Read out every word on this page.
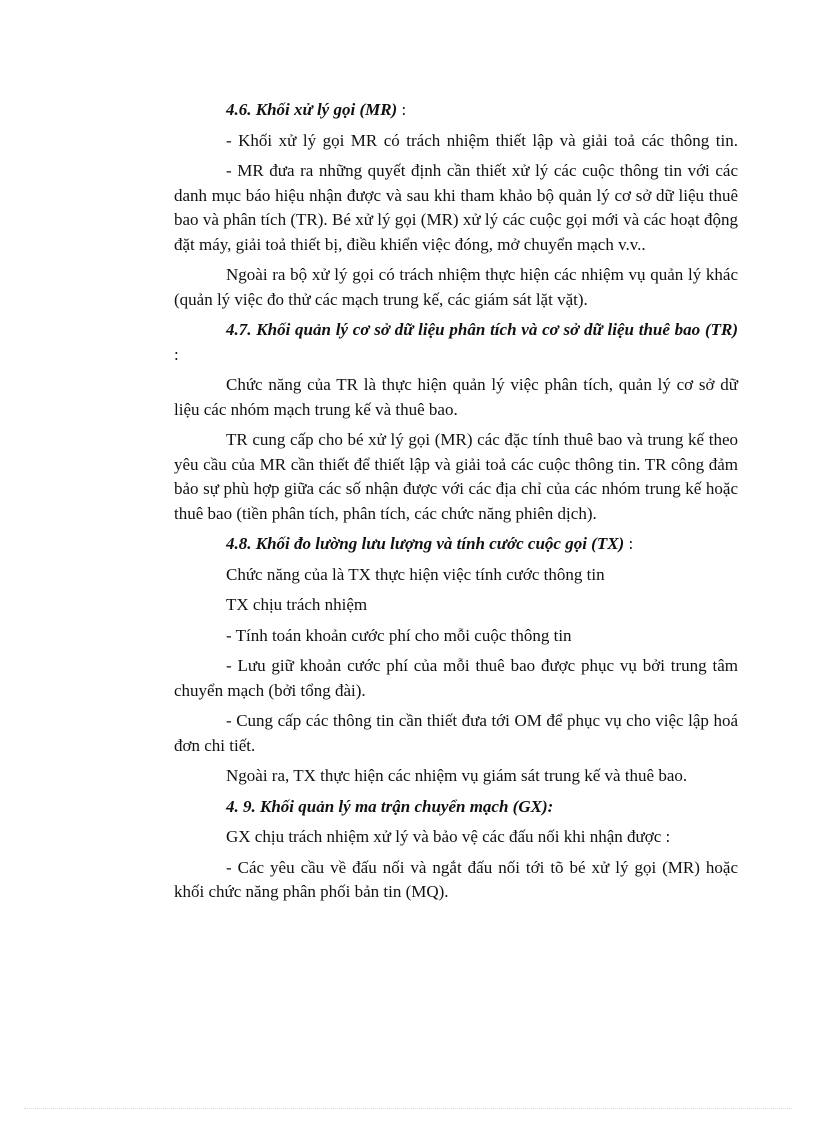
4.6. Khối xử lý gọi (MR) :
- Khối xử lý gọi MR có trách nhiệm thiết lập và giải toả các thông tin.
- MR đưa ra những quyết định cần thiết xử lý các cuộc thông tin với các danh mục báo hiệu nhận được và sau khi tham khảo bộ quản lý cơ sở dữ liệu thuê bao và phân tích (TR). Bé xử lý gọi (MR) xử lý các cuộc gọi mới và các hoạt động đặt máy, giải toả thiết bị, điều khiển việc đóng, mở chuyển mạch v.v..
Ngoài ra bộ xử lý gọi có trách nhiệm thực hiện các nhiệm vụ quản lý khác (quản lý việc đo thử các mạch trung kế, các giám sát lặt vặt).
4.7. Khối quản lý cơ sở dữ liệu phân tích và cơ sở dữ liệu thuê bao (TR) :
Chức năng của TR là thực hiện quản lý việc phân tích, quản lý cơ sở dữ liệu các nhóm mạch trung kế và thuê bao.
TR cung cấp cho bé xử lý gọi (MR) các đặc tính thuê bao và trung kế theo yêu cầu của MR cần thiết để thiết lập và giải toả các cuộc thông tin. TR công đảm bảo sự phù hợp giữa các số nhận được với các địa chỉ của các nhóm trung kế hoặc thuê bao (tiền phân tích, phân tích, các chức năng phiên dịch).
4.8. Khối đo lường lưu lượng và tính cước cuộc gọi (TX) :
Chức năng của là TX thực hiện việc tính cước thông tin
TX chịu trách nhiệm
- Tính toán khoản cước phí cho mỗi cuộc thông tin
- Lưu giữ khoản cước phí của mỗi thuê bao được phục vụ bởi trung tâm chuyển mạch (bởi tổng đài).
- Cung cấp các thông tin cần thiết đưa tới OM để phục vụ cho việc lập hoá đơn chi tiết.
Ngoài ra, TX thực hiện các nhiệm vụ giám sát trung kế và thuê bao.
4. 9. Khối quản lý ma trận chuyển mạch (GX):
GX chịu trách nhiệm xử lý và bảo vệ các đấu nối khi nhận được :
- Các yêu cầu về đấu nối và ngắt đấu nối tới tõ bé xử lý gọi (MR) hoặc khối chức năng phân phối bản tin (MQ).
